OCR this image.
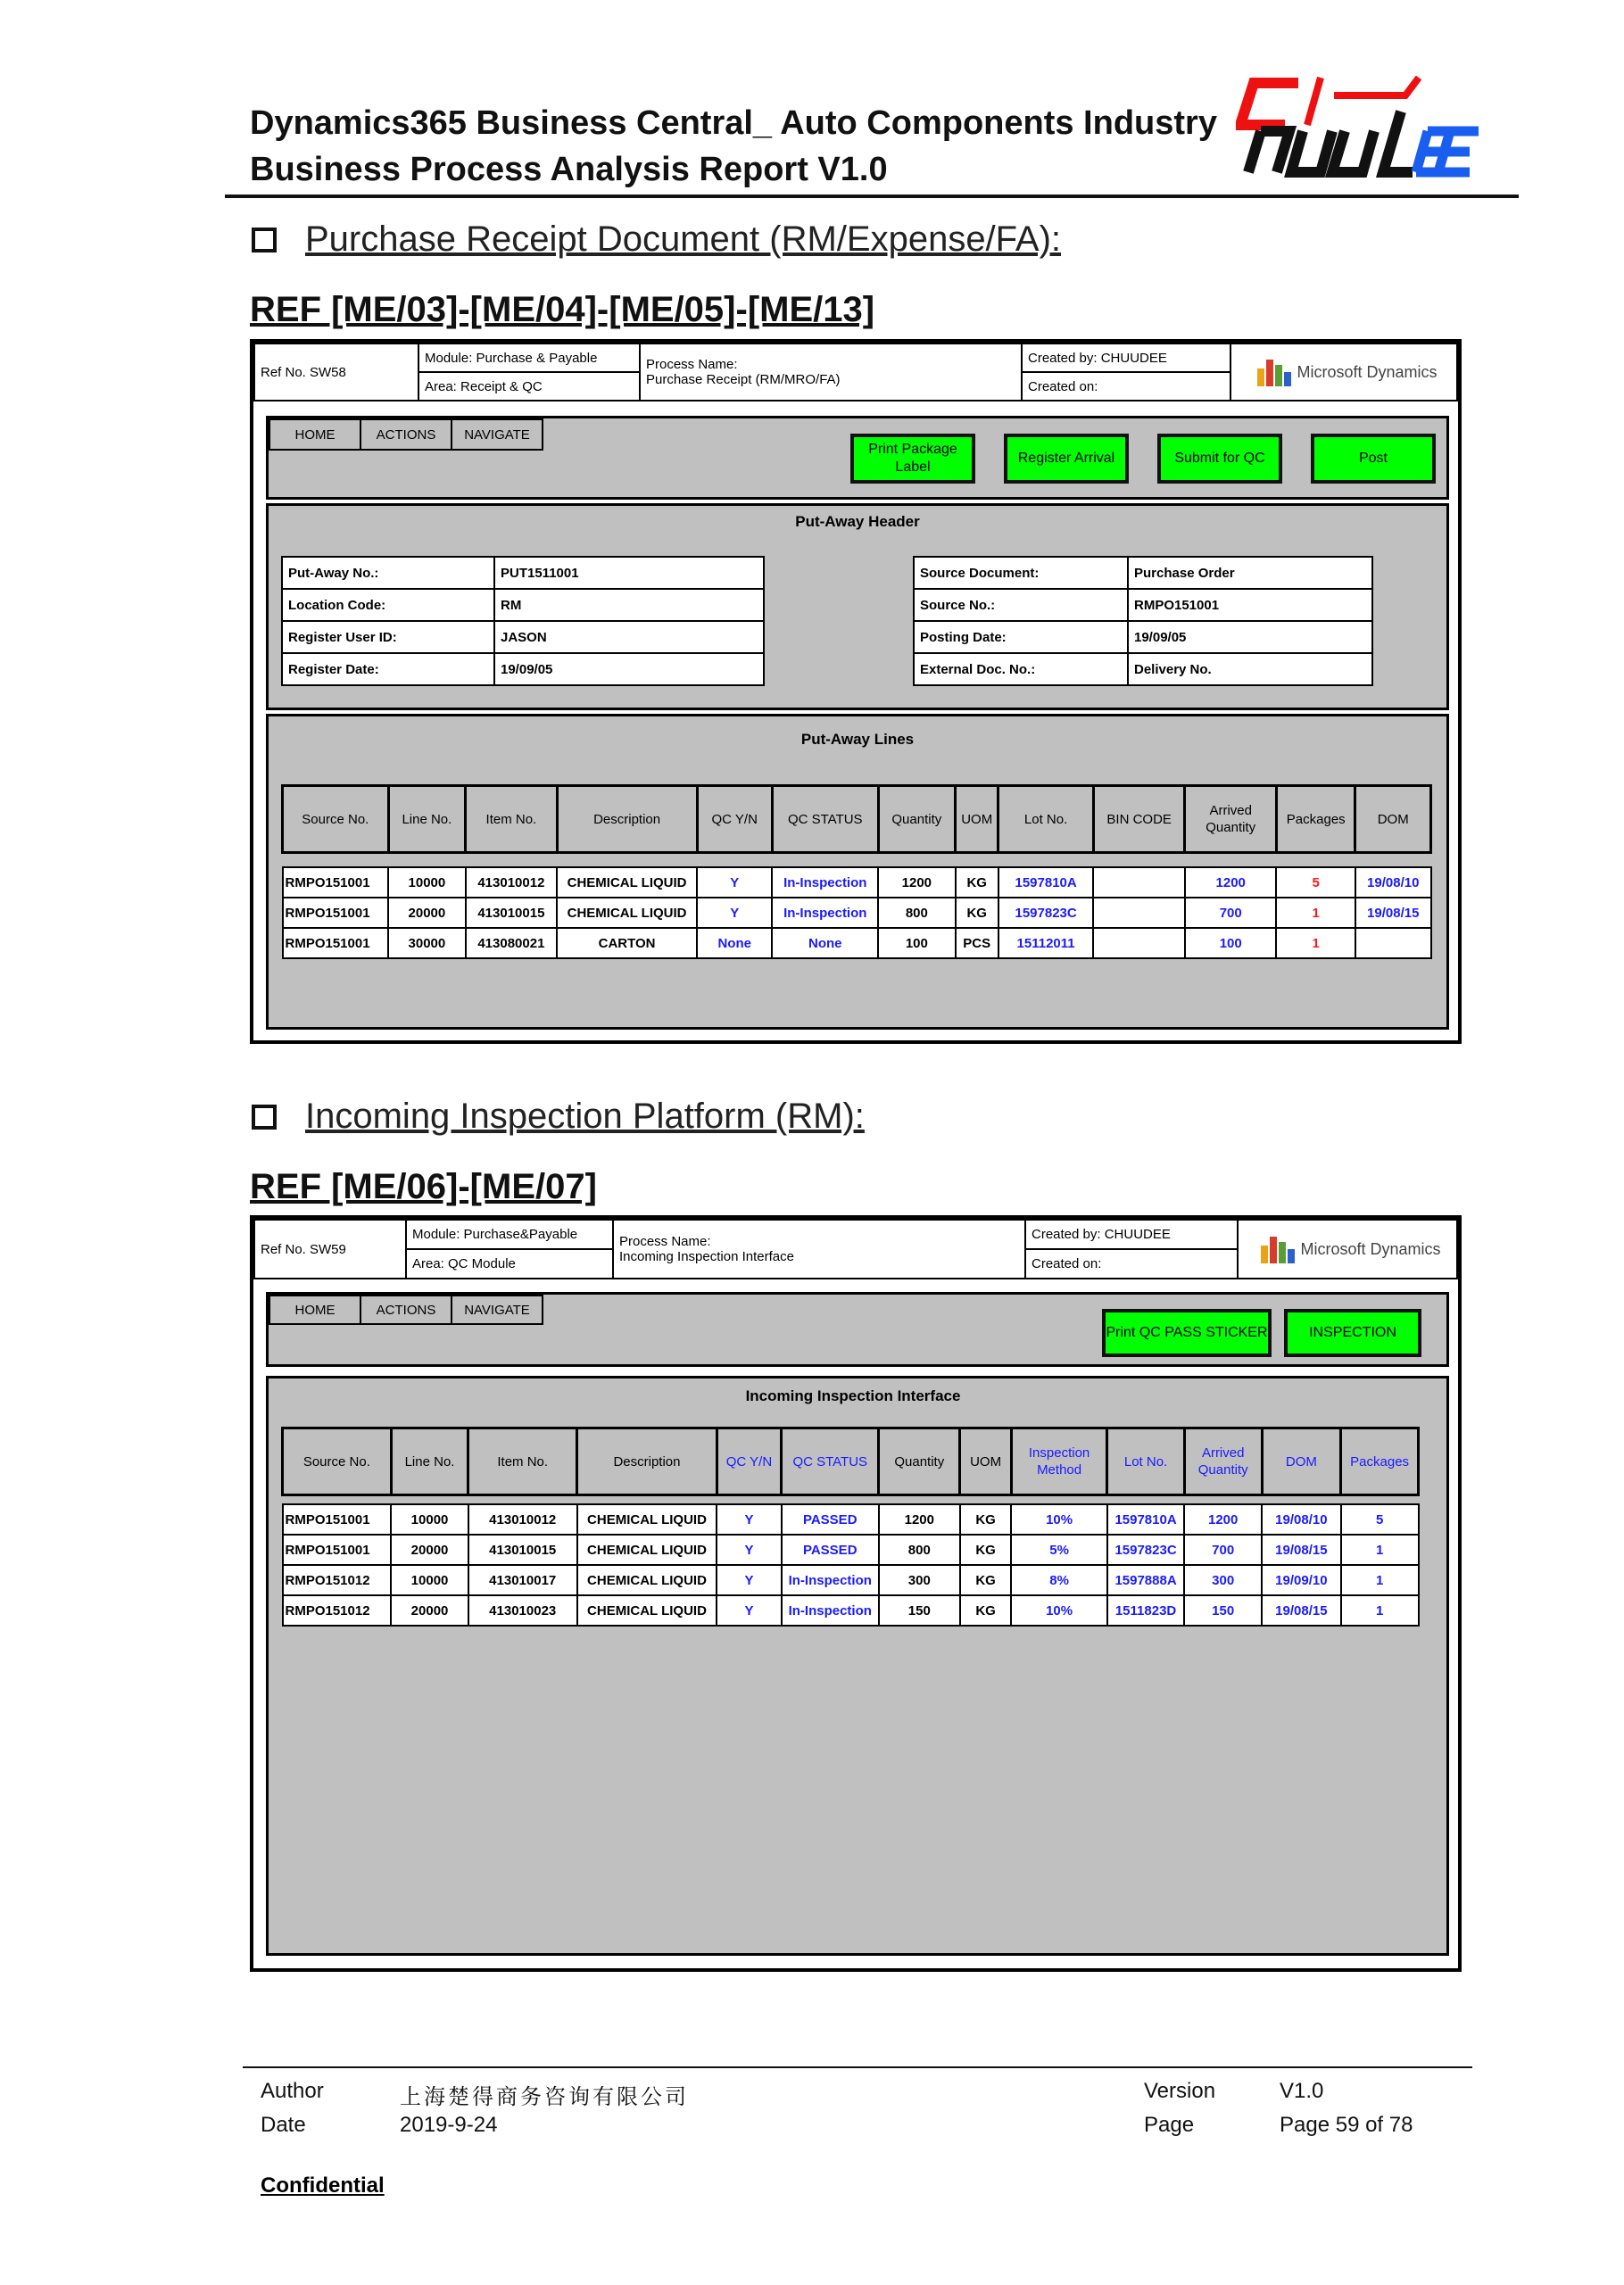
Dynamics365 Business Central_ Auto Components Industry
Business Process Analysis Report V1.0
Purchase Receipt Document (RM/Expense/FA):
REF [ME/03]-[ME/04]-[ME/05]-[ME/13]
Ref No. SW58
Module: Purchase & Payable
Area: Receipt & QC
Process Name:
Purchase Receipt (RM/MRO/FA)
Created by: CHUUDEE
Created on:
Microsoft Dynamics
HOME	ACTIONS	NAVIGATE
Print Package Label
Register Arrival	Submit for QC	Post
Put-Away Header
Put-Away No.:	PUT1511001
Location Code:	RM
Register User ID:	JASON
Register Date:	19/09/05
Source Document:	Purchase Order
Source No.:	RMPO151001
Posting Date:	19/09/05
External Doc. No.:	Delivery No.
Put-Away Lines
Source No.	Line No.	Item No.	Description	QC Y/N	QC STATUS	Quantity	UOM	Lot No.	BIN CODE	Arrived Quantity	Packages	DOM

RMPO151001	10000	413010012	CHEMICAL LIQUID	Y	In-Inspection	1200	KG	1597810A		1200	5	19/08/10
RMPO151001	20000	413010015	CHEMICAL LIQUID	Y	In-Inspection	800	KG	1597823C		700	1	19/08/15
RMPO151001	30000	413080021	CARTON	None	None	100	PCS	15112011		100	1	
Incoming Inspection Platform (RM):
REF [ME/06]-[ME/07]
Ref No. SW59
Module: Purchase&Payable
Area: QC Module
Process Name:
Incoming Inspection Interface
Created by: CHUUDEE
Created on:
Microsoft Dynamics
HOME	ACTIONS	NAVIGATE
Print QC PASS STICKER	INSPECTION
Incoming Inspection Interface
Source No.	Line No.	Item No.	Description	QC Y/N	QC STATUS	Quantity	UOM	Inspection Method	Lot No.	Arrived Quantity	DOM	Packages

RMPO151001	10000	413010012	CHEMICAL LIQUID	Y	PASSED	1200	KG	10%	1597810A	1200	19/08/10	5
RMPO151001	20000	413010015	CHEMICAL LIQUID	Y	PASSED	800	KG	5%	1597823C	700	19/08/15	1
RMPO151012	10000	413010017	CHEMICAL LIQUID	Y	In-Inspection	300	KG	8%	1597888A	300	19/09/10	1
RMPO151012	20000	413010023	CHEMICAL LIQUID	Y	In-Inspection	150	KG	10%	1511823D	150	19/08/15	1
Author	上海楚得商务咨询有限公司
Date	2019-9-24
Version	V1.0
Page	Page 59 of 78
Confidential
